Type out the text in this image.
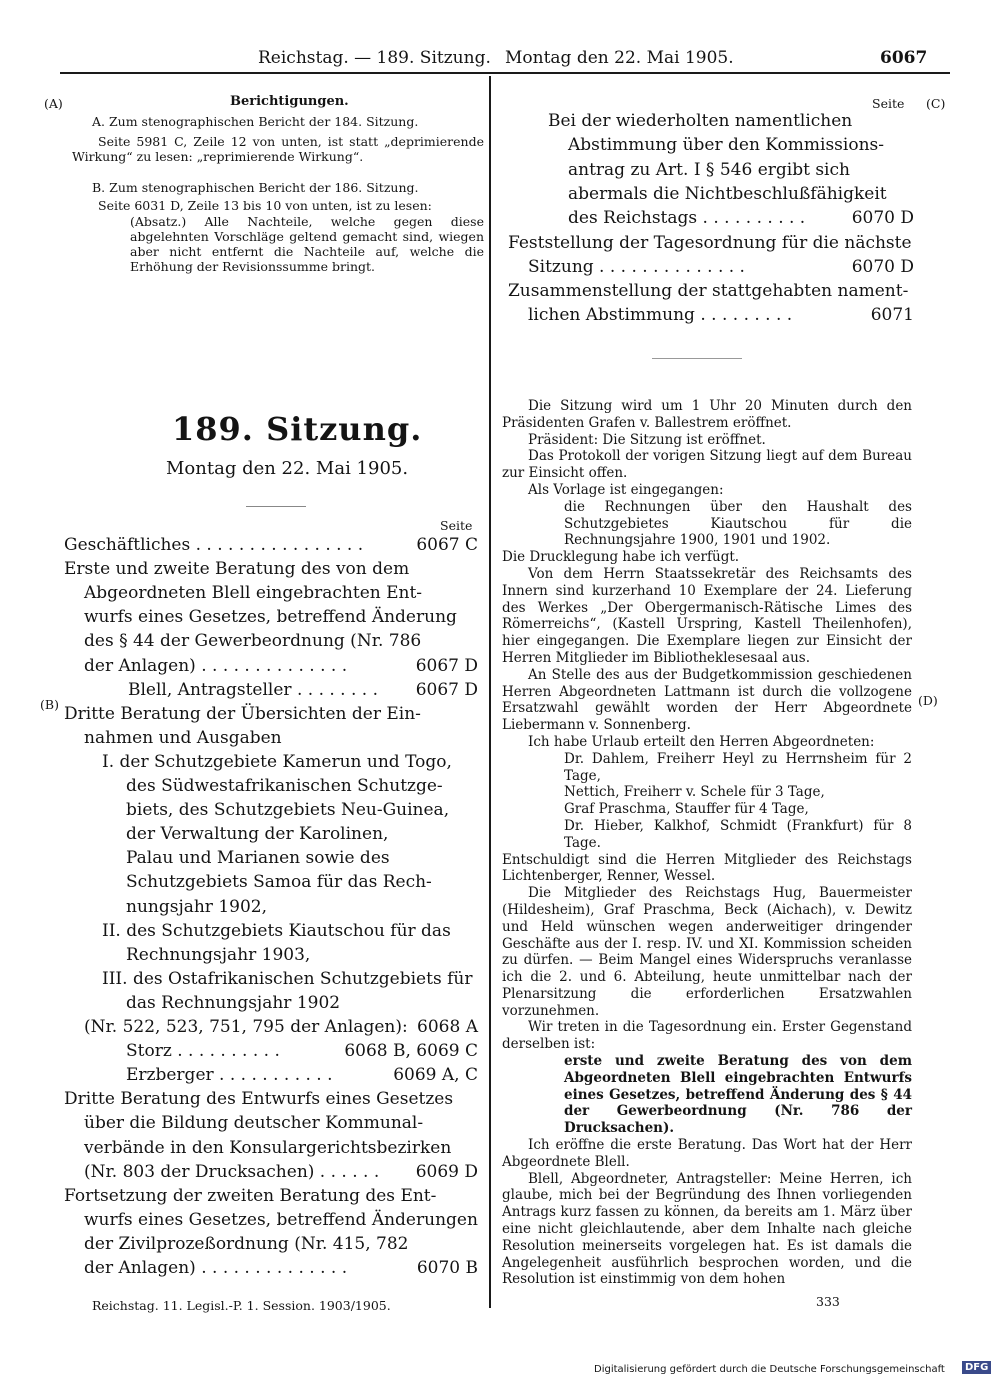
Reichstag. — 189. Sitzung. Montag den 22. Mai 1905.	6067
(A)
(B)
(C)
(D)
Berichtigungen.
A. Zum stenographischen Bericht der 184. Sitzung.
Seite 5981 C, Zeile 12 von unten, ist statt „deprimierende Wirkung“ zu lesen: „reprimierende Wirkung“.
B. Zum stenographischen Bericht der 186. Sitzung.
Seite 6031 D, Zeile 13 bis 10 von unten, ist zu lesen:
(Absatz.) Alle Nachteile, welche gegen diese abgelehnten Vorschläge geltend gemacht sind, wiegen aber nicht entfernt die Nachteile auf, welche die Erhöhung der Revisionssumme bringt.
189. Sitzung.
Montag den 22. Mai 1905.
Seite
Geschäftliches . . . . . . . . . . . . . . . .	6067 C
Erste und zweite Beratung des von dem
Abgeordneten Blell eingebrachten Ent-
wurfs eines Gesetzes, betreffend Änderung
des § 44 der Gewerbeordnung (Nr. 786
der Anlagen) . . . . . . . . . . . . . .	6067 D
Blell, Antragsteller . . . . . . . . 6067 D
Dritte Beratung der Übersichten der Ein-
nahmen und Ausgaben
I. der Schutzgebiete Kamerun und Togo,
des Südwestafrikanischen Schutzge-
biets, des Schutzgebiets Neu-Guinea,
der Verwaltung der Karolinen,
Palau und Marianen sowie des
Schutzgebiets Samoa für das Rech-
nungsjahr 1902,
II. des Schutzgebiets Kiautschou für das
Rechnungsjahr 1903,
III. des Ostafrikanischen Schutzgebiets für
das Rechnungsjahr 1902
(Nr. 522, 523, 751, 795 der Anlagen): 6068 A
Storz . . . . . . . . . .	6068 B, 6069 C
Erzberger . . . . . . . . . . .	6069 A, C
Dritte Beratung des Entwurfs eines Gesetzes
über die Bildung deutscher Kommunal-
verbände in den Konsulargerichtsbezirken
(Nr. 803 der Drucksachen) . . . . . . 6069 D
Fortsetzung der zweiten Beratung des Ent-
wurfs eines Gesetzes, betreffend Änderungen
der Zivilprozeßordnung (Nr. 415, 782
der Anlagen) . . . . . . . . . . . . . .	6070 B
Reichstag. 11. Legisl.-P. 1. Session. 1903/1905.
Seite
Bei der wiederholten namentlichen
Abstimmung über den Kommissions-
antrag zu Art. I § 546 ergibt sich
abermals die Nichtbeschlußfähigkeit
des Reichstags . . . . . . . . . .	6070 D
Feststellung der Tagesordnung für die nächste
Sitzung . . . . . . . . . . . . . .	6070 D
Zusammenstellung der stattgehabten nament-
lichen Abstimmung . . . . . . . . .	6071

Die Sitzung wird um 1 Uhr 20 Minuten durch den Präsidenten Grafen v. Ballestrem eröffnet.

Präsident: Die Sitzung ist eröffnet.

Das Protokoll der vorigen Sitzung liegt auf dem Bureau zur Einsicht offen.

Als Vorlage ist eingegangen:

die Rechnungen über den Haushalt des Schutzgebietes Kiautschou für die Rechnungsjahre 1900, 1901 und 1902.

Die Drucklegung habe ich verfügt.

Von dem Herrn Staatssekretär des Reichsamts des Innern sind kurzerhand 10 Exemplare der 24. Lieferung des Werkes „Der Obergermanisch-Rätische Limes des Römerreichs“, (Kastell Urspring, Kastell Theilenhofen), hier eingegangen. Die Exemplare liegen zur Einsicht der Herren Mitglieder im Bibliotheklesesaal aus.

An Stelle des aus der Budgetkommission geschiedenen Herren Abgeordneten Lattmann ist durch die vollzogene Ersatzwahl gewählt worden der Herr Abgeordnete Liebermann v. Sonnenberg.

Ich habe Urlaub erteilt den Herren Abgeordneten:

Dr. Dahlem, Freiherr Heyl zu Herrnsheim für 2 Tage,

Nettich, Freiherr v. Schele für 3 Tage,

Graf Praschma, Stauffer für 4 Tage,

Dr. Hieber, Kalkhof, Schmidt (Frankfurt) für 8 Tage.

Entschuldigt sind die Herren Mitglieder des Reichstags Lichtenberger, Renner, Wessel.

Die Mitglieder des Reichstags Hug, Bauermeister (Hildesheim), Graf Praschma, Beck (Aichach), v. Dewitz und Held wünschen wegen anderweitiger dringender Geschäfte aus der I. resp. IV. und XI. Kommission scheiden zu dürfen. — Beim Mangel eines Widerspruchs veranlasse ich die 2. und 6. Abteilung, heute unmittelbar nach der Plenarsitzung die erforderlichen Ersatzwahlen vorzunehmen.

Wir treten in die Tagesordnung ein. Erster Gegenstand derselben ist:

erste und zweite Beratung des von dem Abgeordneten Blell eingebrachten Entwurfs eines Gesetzes, betreffend Änderung des § 44 der Gewerbeordnung (Nr. 786 der Drucksachen).

Ich eröffne die erste Beratung. Das Wort hat der Herr Abgeordnete Blell.

Blell, Abgeordneter, Antragsteller: Meine Herren, ich glaube, mich bei der Begründung des Ihnen vorliegenden Antrags kurz fassen zu können, da bereits am 1. März über eine nicht gleichlautende, aber dem Inhalte nach gleiche Resolution meinerseits vorgelegen hat. Es ist damals die Angelegenheit ausführlich besprochen worden, und die Resolution ist einstimmig von dem hohen

333
Digitalisierung gefördert durch die Deutsche Forschungsgemeinschaft	DFG
